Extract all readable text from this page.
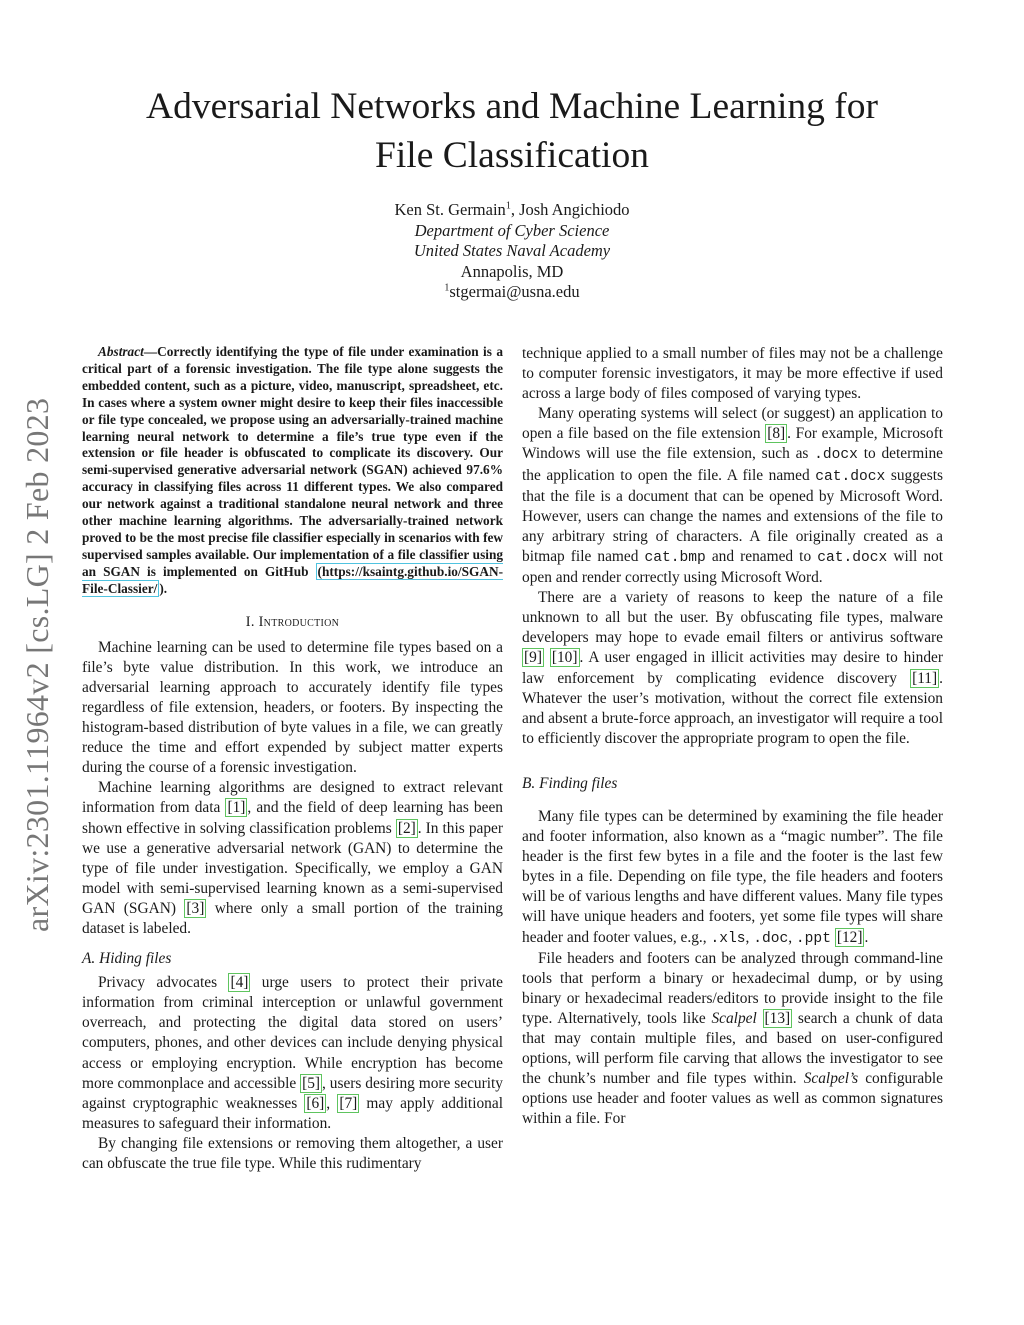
arXiv:2301.11964v2 [cs.LG] 2 Feb 2023
Adversarial Networks and Machine Learning for
File Classification
Ken St. Germain$^1$, Josh Angichiodo
Department of Cyber Science
United States Naval Academy
Annapolis, MD
$^1$stgermai@usna.edu

Abstract—Correctly identifying the type of file under examination is a critical part of a forensic investigation. The file type alone suggests the embedded content, such as a picture, video, manuscript, spreadsheet, etc. In cases where a system owner might desire to keep their files inaccessible or file type concealed, we propose using an adversarially-trained machine learning neural network to determine a file’s true type even if the extension or file header is obfuscated to complicate its discovery. Our semi-supervised generative adversarial network (SGAN) achieved 97.6% accuracy in classifying files across 11 different types. We also compared our network against a traditional standalone neural network and three other machine learning algorithms. The adversarially-trained network proved to be the most precise file classifier especially in scenarios with few supervised samples available. Our implementation of a file classifier using an SGAN is implemented on GitHub (https://ksaintg.github.io/SGAN-File-Classier/ ).

I. Introduction

Machine learning can be used to determine file types based on a file’s byte value distribution. In this work, we introduce an adversarial learning approach to accurately identify file types regardless of file extension, headers, or footers. By inspecting the histogram-based distribution of byte values in a file, we can greatly reduce the time and effort expended by subject matter experts during the course of a forensic investigation.

Machine learning algorithms are designed to extract relevant information from data [1] , and the field of deep learning has been shown effective in solving classification problems [2] . In this paper we use a generative adversarial network (GAN) to determine the type of file under investigation. Specifically, we employ a GAN model with semi-supervised learning known as a semi-supervised GAN (SGAN) [3] where only a small portion of the training dataset is labeled.

A. Hiding files

Privacy advocates [4] urge users to protect their private information from criminal interception or unlawful government overreach, and protecting the digital data stored on users’ computers, phones, and other devices can include denying physical access or employing encryption. While encryption has become more commonplace and accessible [5] , users desiring more security against cryptographic weaknesses [6] , [7] may apply additional measures to safeguard their information.

By changing file extensions or removing them altogether, a user can obfuscate the true file type. While this rudimentary

technique applied to a small number of files may not be a challenge to computer forensic investigators, it may be more effective if used across a large body of files composed of varying types.

Many operating systems will select (or suggest) an application to open a file based on the file extension [8] . For example, Microsoft Windows will use the file extension, such as .docx to determine the application to open the file. A file named cat.docx suggests that the file is a document that can be opened by Microsoft Word. However, users can change the names and extensions of the file to any arbitrary string of characters. A file originally created as a bitmap file named cat.bmp and renamed to cat.docx will not open and render correctly using Microsoft Word.

There are a variety of reasons to keep the nature of a file unknown to all but the user. By obfuscating file types, malware developers may hope to evade email filters or antivirus software [9] [10] . A user engaged in illicit activities may desire to hinder law enforcement by complicating evidence discovery [11] . Whatever the user’s motivation, without the correct file extension and absent a brute-force approach, an investigator will require a tool to efficiently discover the appropriate program to open the file.

B. Finding files

Many file types can be determined by examining the file header and footer information, also known as a “magic number”. The file header is the first few bytes in a file and the footer is the last few bytes in a file. Depending on file type, the file headers and footers will be of various lengths and have different values. Many file types will have unique headers and footers, yet some file types will share header and footer values, e.g., .xls, .doc, .ppt [12] .

File headers and footers can be analyzed through command-line tools that perform a binary or hexadecimal dump, or by using binary or hexadecimal readers/editors to provide insight to the file type. Alternatively, tools like Scalpel [13] search a chunk of data that may contain multiple files, and based on user-configured options, will perform file carving that allows the investigator to see the chunk’s number and file types within. Scalpel’s configurable options use header and footer values as well as common signatures within a file. For
